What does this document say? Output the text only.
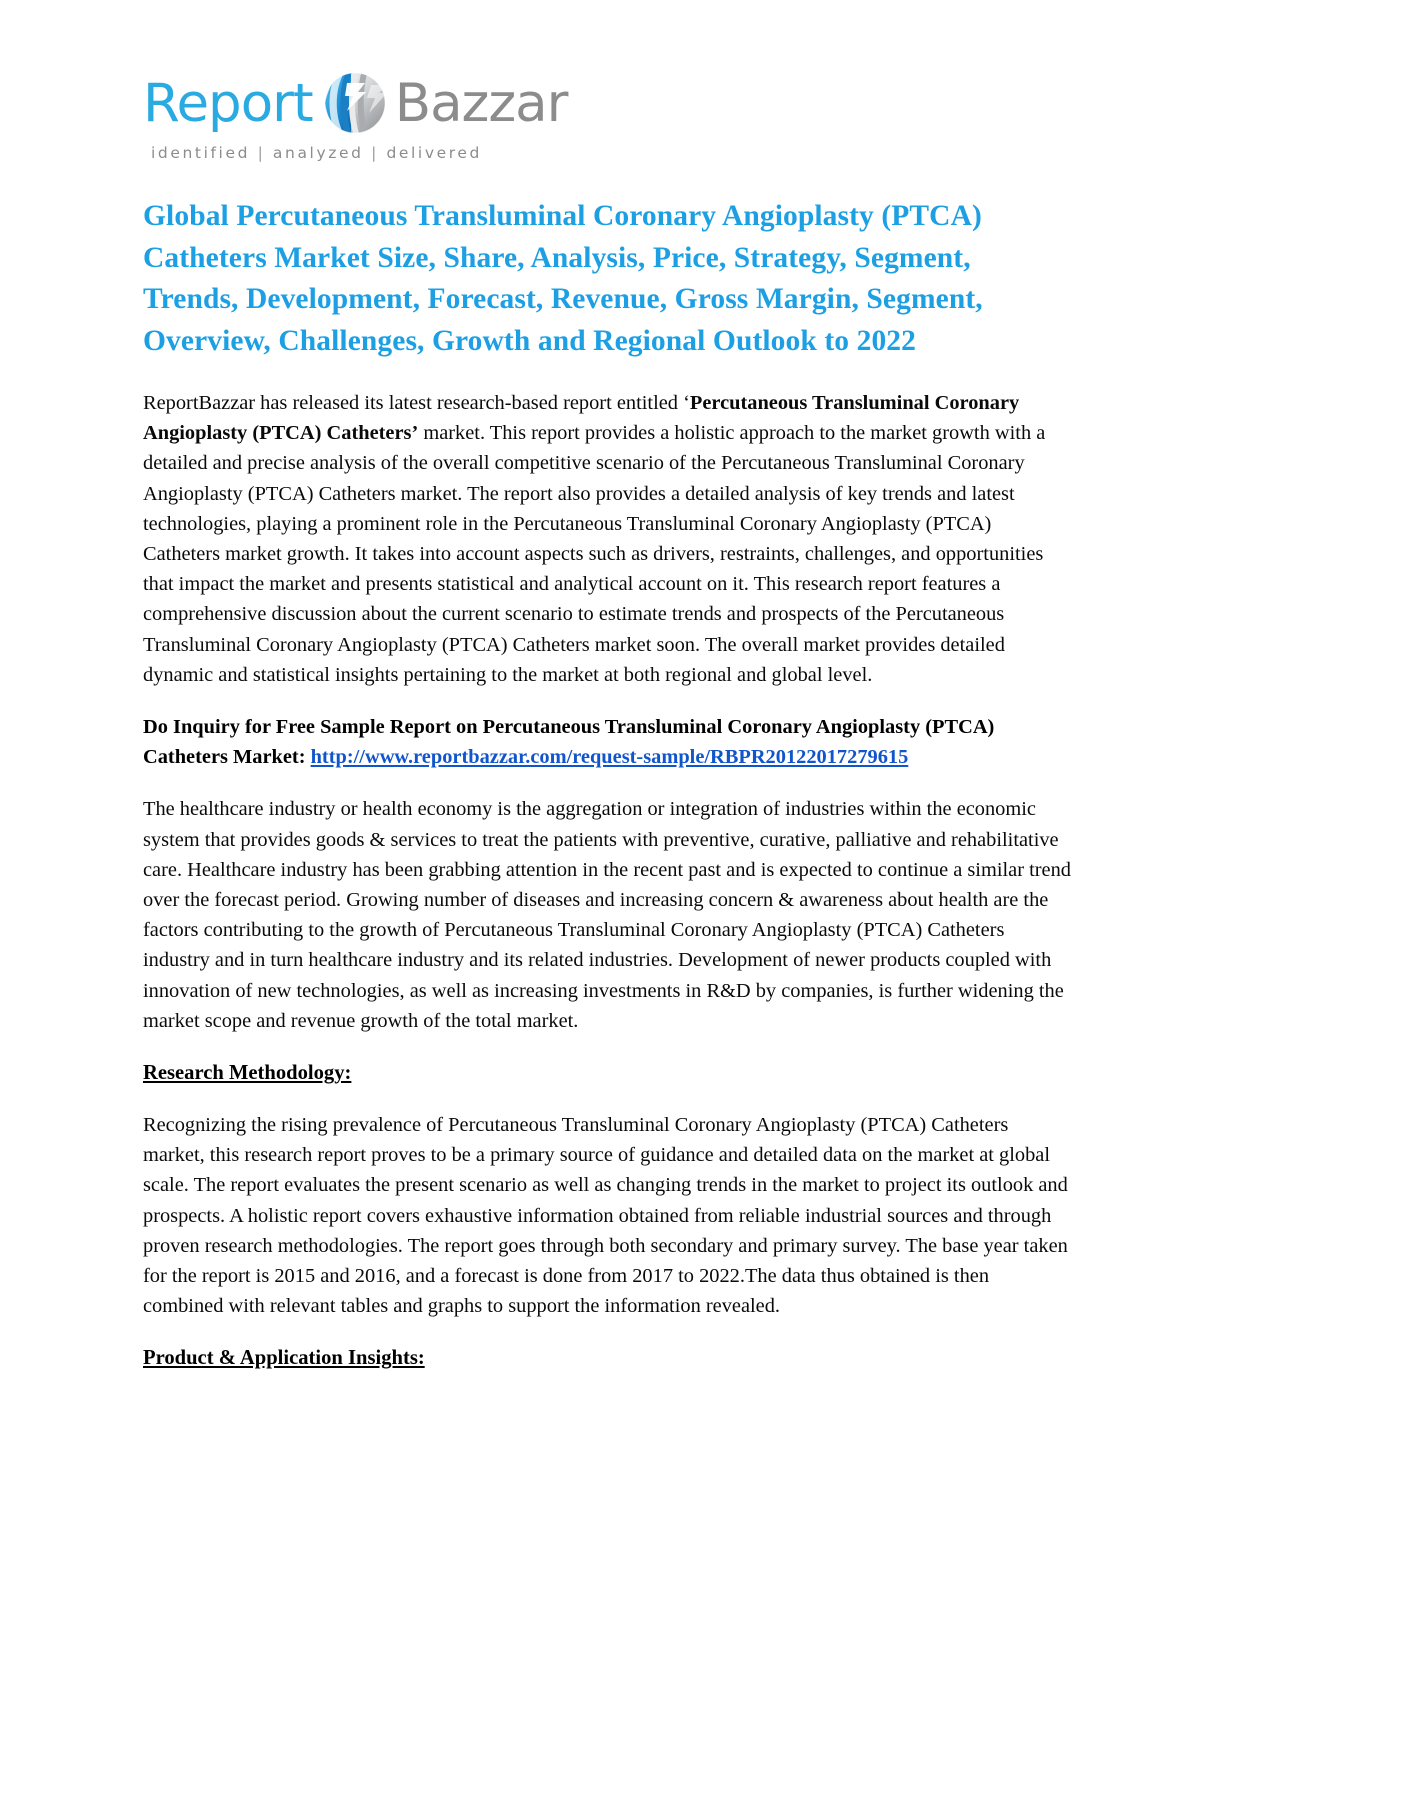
Report Bazzar
identified | analyzed | delivered
Global Percutaneous Transluminal Coronary Angioplasty (PTCA) Catheters Market Size, Share, Analysis, Price, Strategy, Segment, Trends, Development, Forecast, Revenue, Gross Margin, Segment, Overview, Challenges, Growth and Regional Outlook to 2022

ReportBazzar has released its latest research-based report entitled ‘Percutaneous Transluminal Coronary Angioplasty (PTCA) Catheters’ market. This report provides a holistic approach to the market growth with a detailed and precise analysis of the overall competitive scenario of the Percutaneous Transluminal Coronary Angioplasty (PTCA) Catheters market. The report also provides a detailed analysis of key trends and latest technologies, playing a prominent role in the Percutaneous Transluminal Coronary Angioplasty (PTCA) Catheters market growth. It takes into account aspects such as drivers, restraints, challenges, and opportunities that impact the market and presents statistical and analytical account on it. This research report features a comprehensive discussion about the current scenario to estimate trends and prospects of the Percutaneous Transluminal Coronary Angioplasty (PTCA) Catheters market soon. The overall market provides detailed dynamic and statistical insights pertaining to the market at both regional and global level.

Do Inquiry for Free Sample Report on Percutaneous Transluminal Coronary Angioplasty (PTCA) Catheters Market: http://www.reportbazzar.com/request-sample/RBPR20122017279615

The healthcare industry or health economy is the aggregation or integration of industries within the economic system that provides goods & services to treat the patients with preventive, curative, palliative and rehabilitative care. Healthcare industry has been grabbing attention in the recent past and is expected to continue a similar trend over the forecast period. Growing number of diseases and increasing concern & awareness about health are the factors contributing to the growth of Percutaneous Transluminal Coronary Angioplasty (PTCA) Catheters industry and in turn healthcare industry and its related industries. Development of newer products coupled with innovation of new technologies, as well as increasing investments in R&D by companies, is further widening the market scope and revenue growth of the total market.

Research Methodology:

Recognizing the rising prevalence of Percutaneous Transluminal Coronary Angioplasty (PTCA) Catheters market, this research report proves to be a primary source of guidance and detailed data on the market at global scale. The report evaluates the present scenario as well as changing trends in the market to project its outlook and prospects. A holistic report covers exhaustive information obtained from reliable industrial sources and through proven research methodologies. The report goes through both secondary and primary survey. The base year taken for the report is 2015 and 2016, and a forecast is done from 2017 to 2022.The data thus obtained is then combined with relevant tables and graphs to support the information revealed.

Product & Application Insights:
